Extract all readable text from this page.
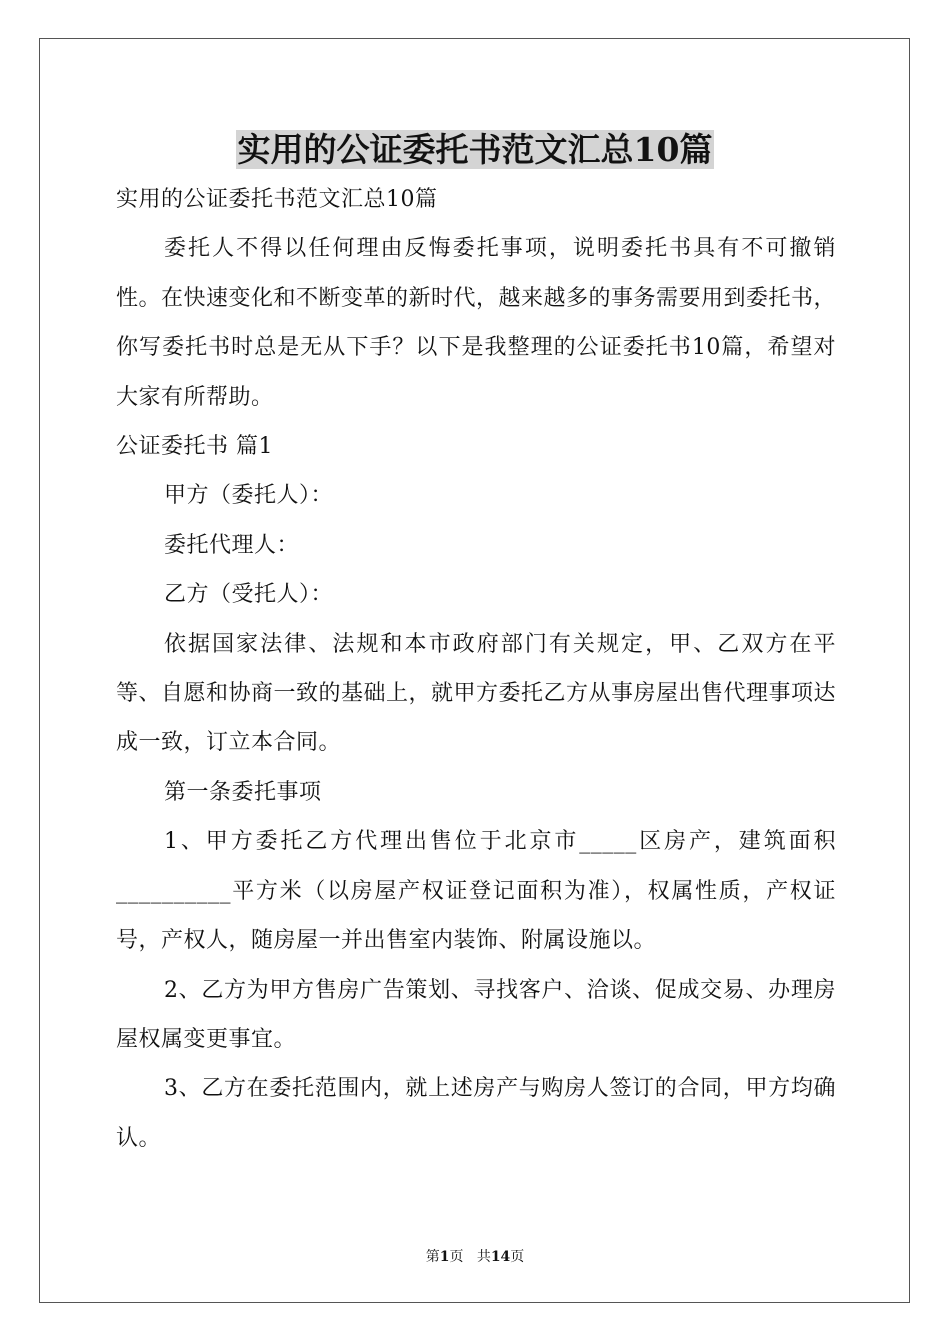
实用的公证委托书范文汇总10篇

实用的公证委托书范文汇总10篇

委托人不得以任何理由反悔委托事项，说明委托书具有不可撤销性。在快速变化和不断变革的新时代，越来越多的事务需要用到委托书，你写委托书时总是无从下手？以下是我整理的公证委托书10篇，希望对大家有所帮助。

公证委托书 篇1

甲方（委托人）：

委托代理人：

乙方（受托人）：

依据国家法律、法规和本市政府部门有关规定，甲、乙双方在平等、自愿和协商一致的基础上，就甲方委托乙方从事房屋出售代理事项达成一致，订立本合同。

第一条委托事项

1、甲方委托乙方代理出售位于北京市_____区房产，建筑面积__________平方米（以房屋产权证登记面积为准），权属性质，产权证号，产权人，随房屋一并出售室内装饰、附属设施以。

2、乙方为甲方售房广告策划、寻找客户、洽谈、促成交易、办理房屋权属变更事宜。

3、乙方在委托范围内，就上述房产与购房人签订的合同，甲方均确认。

第1页 共14页
